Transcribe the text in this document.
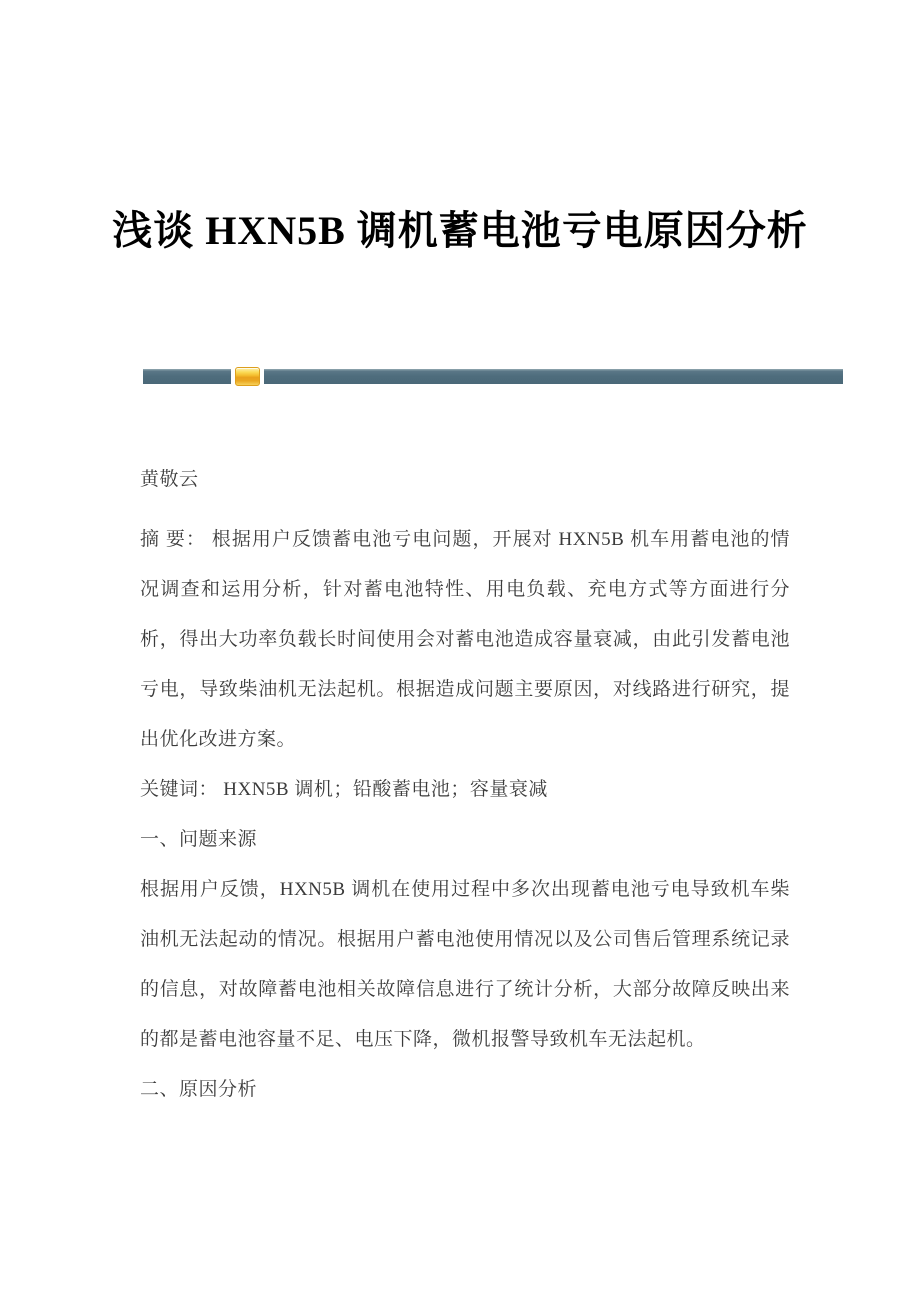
浅谈 HXN5B 调机蓄电池亏电原因分析

黄敬云

摘 要： 根据用户反馈蓄电池亏电问题，开展对 HXN5B 机车用蓄电池的情况调查和运用分析，针对蓄电池特性、用电负载、充电方式等方面进行分析，得出大功率负载长时间使用会对蓄电池造成容量衰减，由此引发蓄电池亏电，导致柴油机无法起机。根据造成问题主要原因，对线路进行研究，提出优化改进方案。

关键词： HXN5B 调机；铅酸蓄电池；容量衰减

一、问题来源

根据用户反馈，HXN5B 调机在使用过程中多次出现蓄电池亏电导致机车柴油机无法起动的情况。根据用户蓄电池使用情况以及公司售后管理系统记录的信息，对故障蓄电池相关故障信息进行了统计分析，大部分故障反映出来的都是蓄电池容量不足、电压下降，微机报警导致机车无法起机。

二、原因分析
